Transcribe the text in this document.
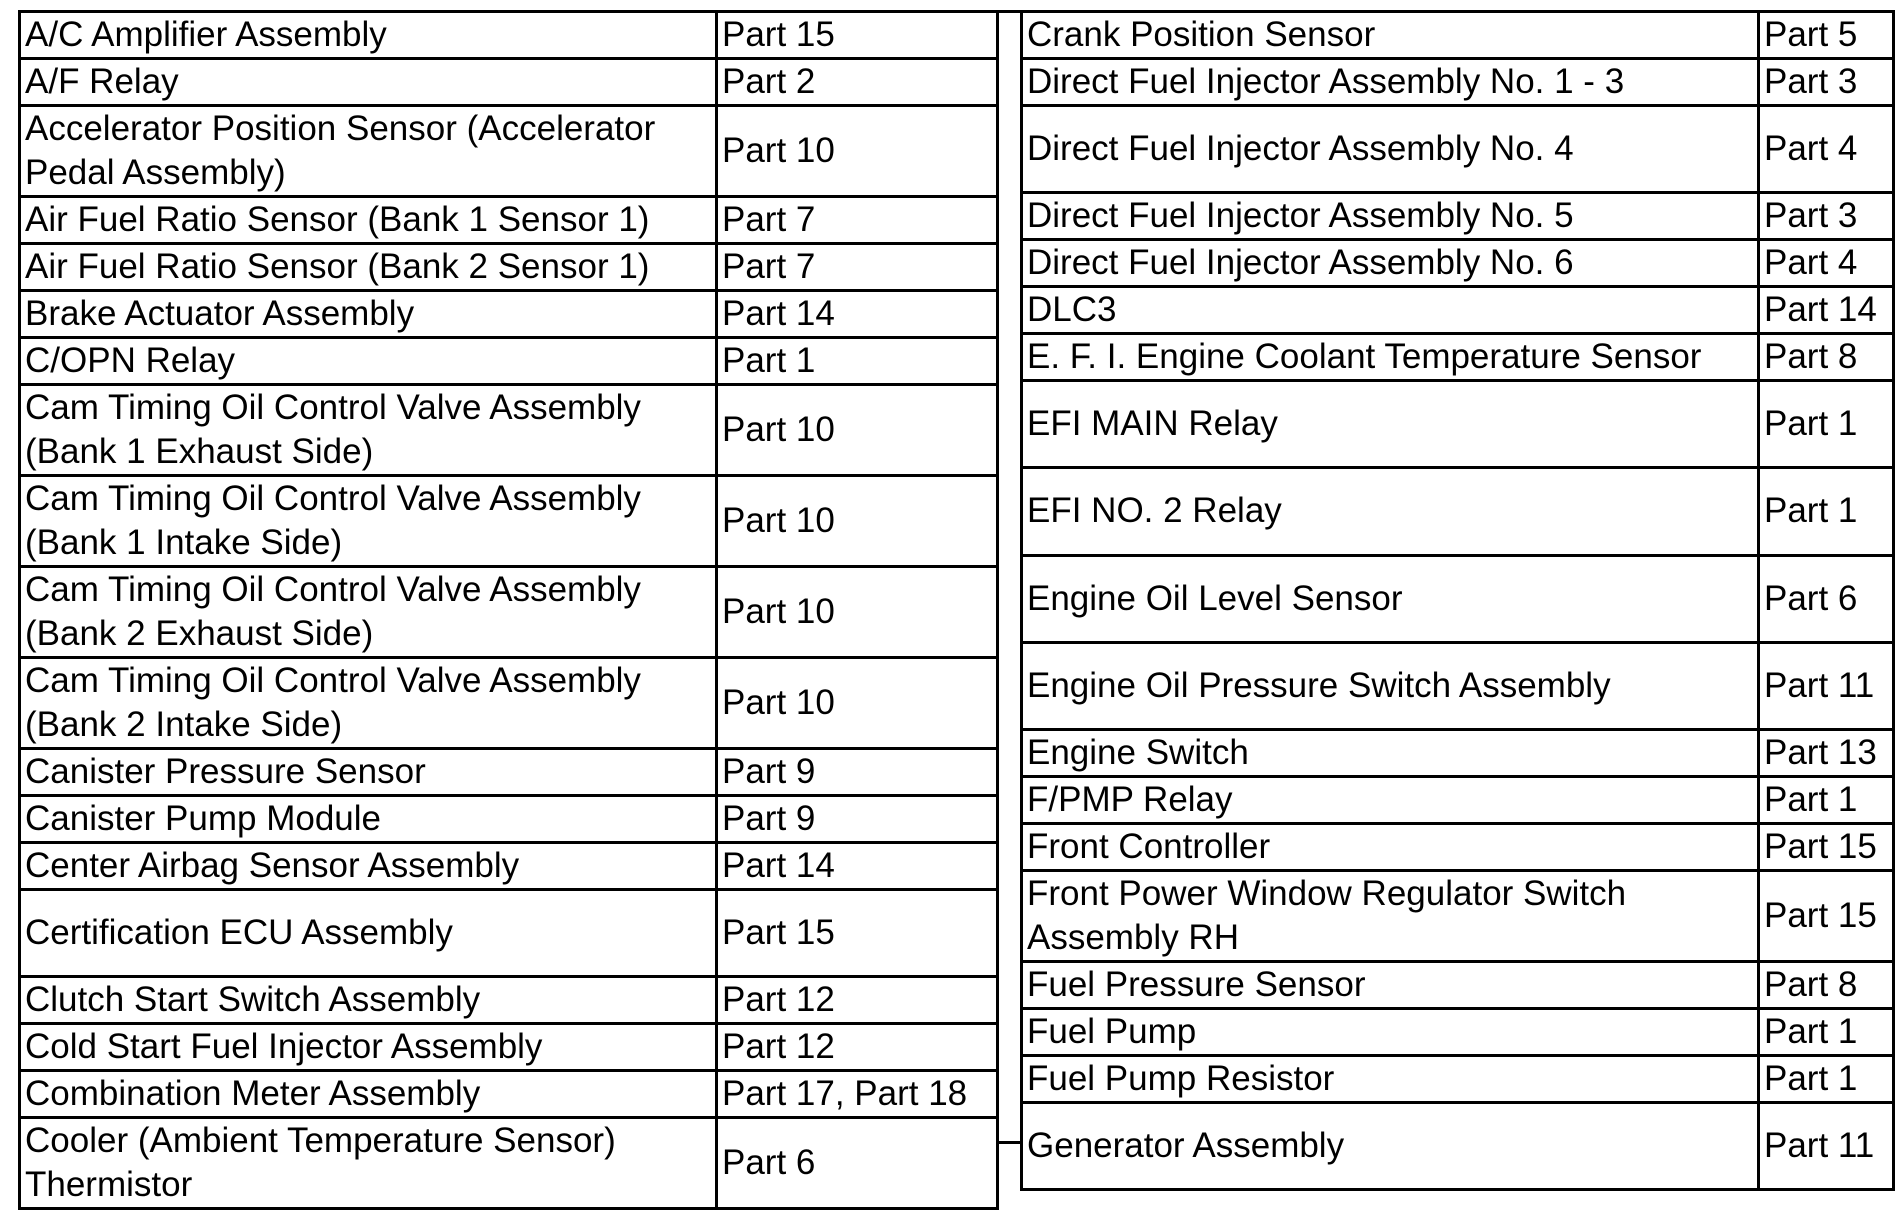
A/C Amplifier Assembly	Part 15
A/F Relay	Part 2
Accelerator Position Sensor (Accelerator Pedal Assembly)	Part 10
Air Fuel Ratio Sensor (Bank 1 Sensor 1)	Part 7
Air Fuel Ratio Sensor (Bank 2 Sensor 1)	Part 7
Brake Actuator Assembly	Part 14
C/OPN Relay	Part 1
Cam Timing Oil Control Valve Assembly (Bank 1 Exhaust Side)	Part 10
Cam Timing Oil Control Valve Assembly (Bank 1 Intake Side)	Part 10
Cam Timing Oil Control Valve Assembly (Bank 2 Exhaust Side)	Part 10
Cam Timing Oil Control Valve Assembly (Bank 2 Intake Side)	Part 10
Canister Pressure Sensor	Part 9
Canister Pump Module	Part 9
Center Airbag Sensor Assembly	Part 14
Certification ECU Assembly	Part 15
Clutch Start Switch Assembly	Part 12
Cold Start Fuel Injector Assembly	Part 12
Combination Meter Assembly	Part 17, Part 18
Cooler (Ambient Temperature Sensor) Thermistor	Part 6
Crank Position Sensor	Part 5
Direct Fuel Injector Assembly No. 1 - 3	Part 3
Direct Fuel Injector Assembly No. 4	Part 4
Direct Fuel Injector Assembly No. 5	Part 3
Direct Fuel Injector Assembly No. 6	Part 4
DLC3	Part 14
E. F. I. Engine Coolant Temperature Sensor	Part 8
EFI MAIN Relay	Part 1
EFI NO. 2 Relay	Part 1
Engine Oil Level Sensor	Part 6
Engine Oil Pressure Switch Assembly	Part 11
Engine Switch	Part 13
F/PMP Relay	Part 1
Front Controller	Part 15
Front Power Window Regulator Switch Assembly RH	Part 15
Fuel Pressure Sensor	Part 8
Fuel Pump	Part 1
Fuel Pump Resistor	Part 1
Generator Assembly	Part 11
